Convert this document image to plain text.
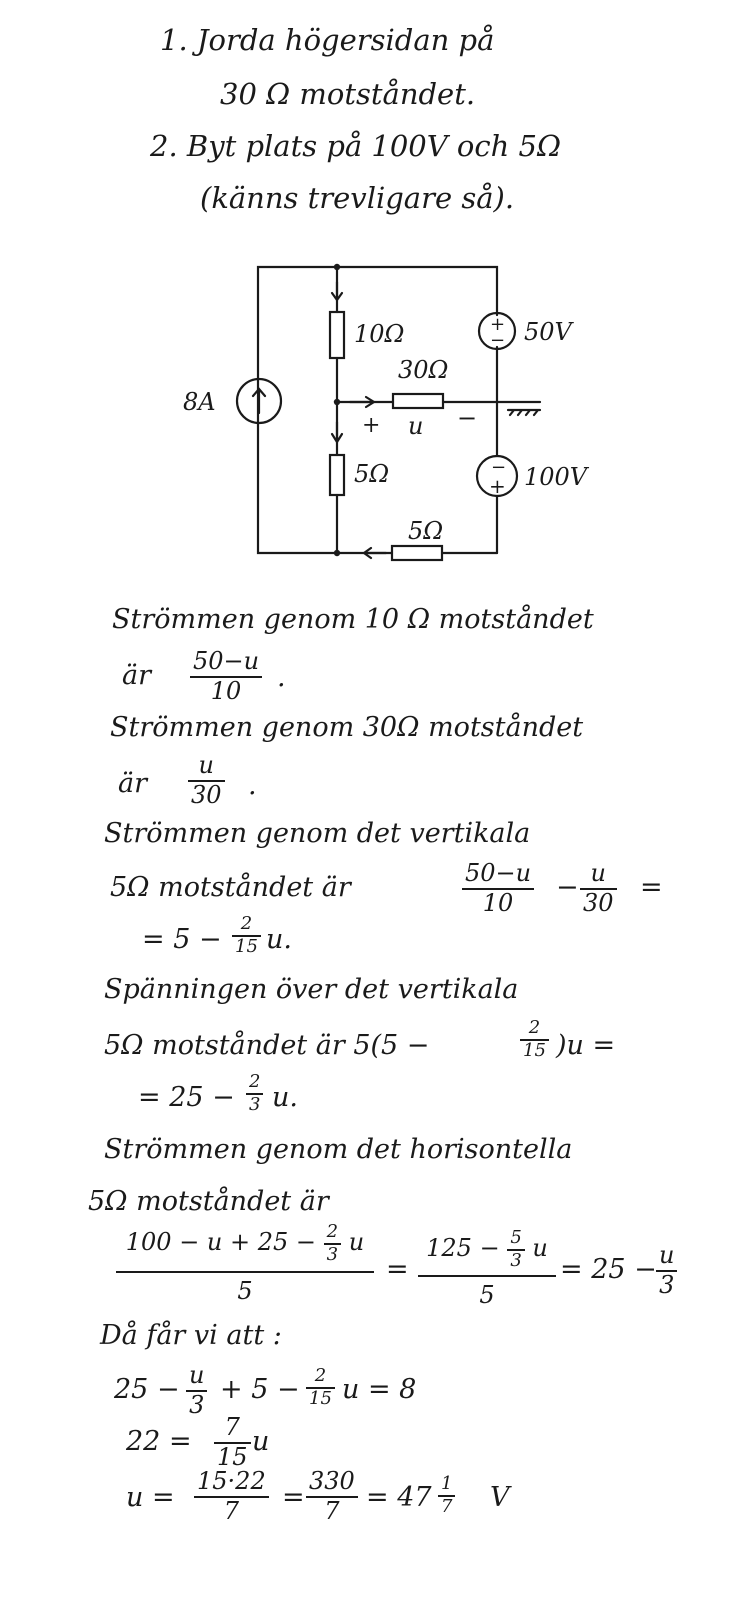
1. Jorda högersidan på
30 Ω motståndet.
2. Byt plats på 100V och 5Ω
(känns trevligare så).
8A
10Ω
30Ω
5Ω
5Ω
50V
100V
u
+	−
+
−
−
+
Strömmen genom 10 Ω motståndet
är $\frac{50-u}{10}$ .
Strömmen genom 30Ω motståndet
är $\frac{u}{30}$ .
Strömmen genom det vertikala
5Ω motståndet är	$\frac{50-u}{10} - \frac{u}{30}$ =
= $5 - \frac{2}{15} u$.
Spänningen över det vertikala
5Ω motståndet är 5(5 −	$\frac{2}{15} )u$ =
= $25 - \frac{2}{3} u$.
Strömmen genom det horisontella
5Ω motståndet är
$\frac{100 - u + 25 - \frac{2}{3} u}{5} = \frac{125 - \frac{5}{3} u}{5} = 25 - \frac{u}{3}$
Då får vi att :
$25 - \frac{u}{3} + 5 - \frac{2}{15}$ u = 8
$22 = \frac{7}{15}$ u
$u = \frac{15\cdot 22}{7} = \frac{330}{7} = 47 \frac{1}{7}$ V
